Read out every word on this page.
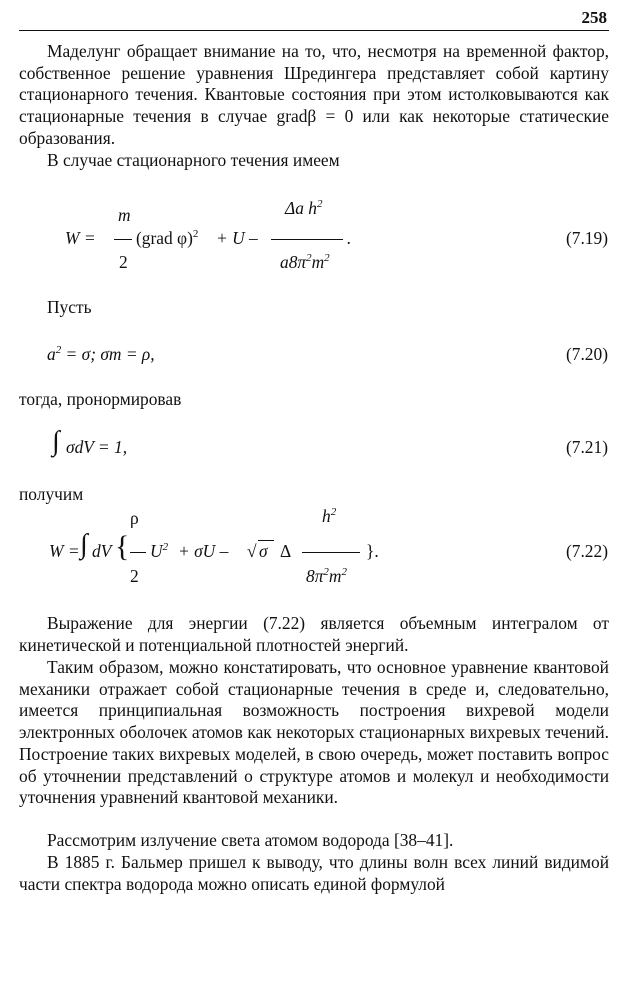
258

Маделунг обращает внимание на то, что, несмотря на временной фактор, собственное решение уравнения Шредингера представляет собой картину стационарного течения. Квантовые состояния при этом истолковываются как стационарные течения в случае gradβ = 0 или как некоторые статические образования.

В случае стационарного течения имеем

m
W = (grad φ)$^2$ + U –
2
Δa $h^2$
.
$a8\pi^2m^2$
(7.19)

Пусть

$a^2 = \sigma$; σm = ρ,	(7.20)

тогда, пронормировав

∫ σdV = 1,	(7.21)

получим

ρ	$h^2$
W = ∫ dV { $U^2 + \sigma U$ – √ σ Δ	}.
2	$8\pi^2m^2$
(7.22)

Выражение для энергии (7.22) является объемным интегралом от кинетической и потенциальной плотностей энергий.

Таким образом, можно констатировать, что основное уравнение квантовой механики отражает собой стационарные течения в среде и, следовательно, имеется принципиальная возможность построения вихревой модели электронных оболочек атомов как некоторых стационарных вихревых течений. Построение таких вихревых моделей, в свою очередь, может поставить вопрос об уточнении представлений о структуре атомов и молекул и необходимости уточнения уравнений квантовой механики.

Рассмотрим излучение света атомом водорода [38–41].

В 1885 г. Бальмер пришел к выводу, что длины волн всех линий видимой части спектра водорода можно описать единой формулой
